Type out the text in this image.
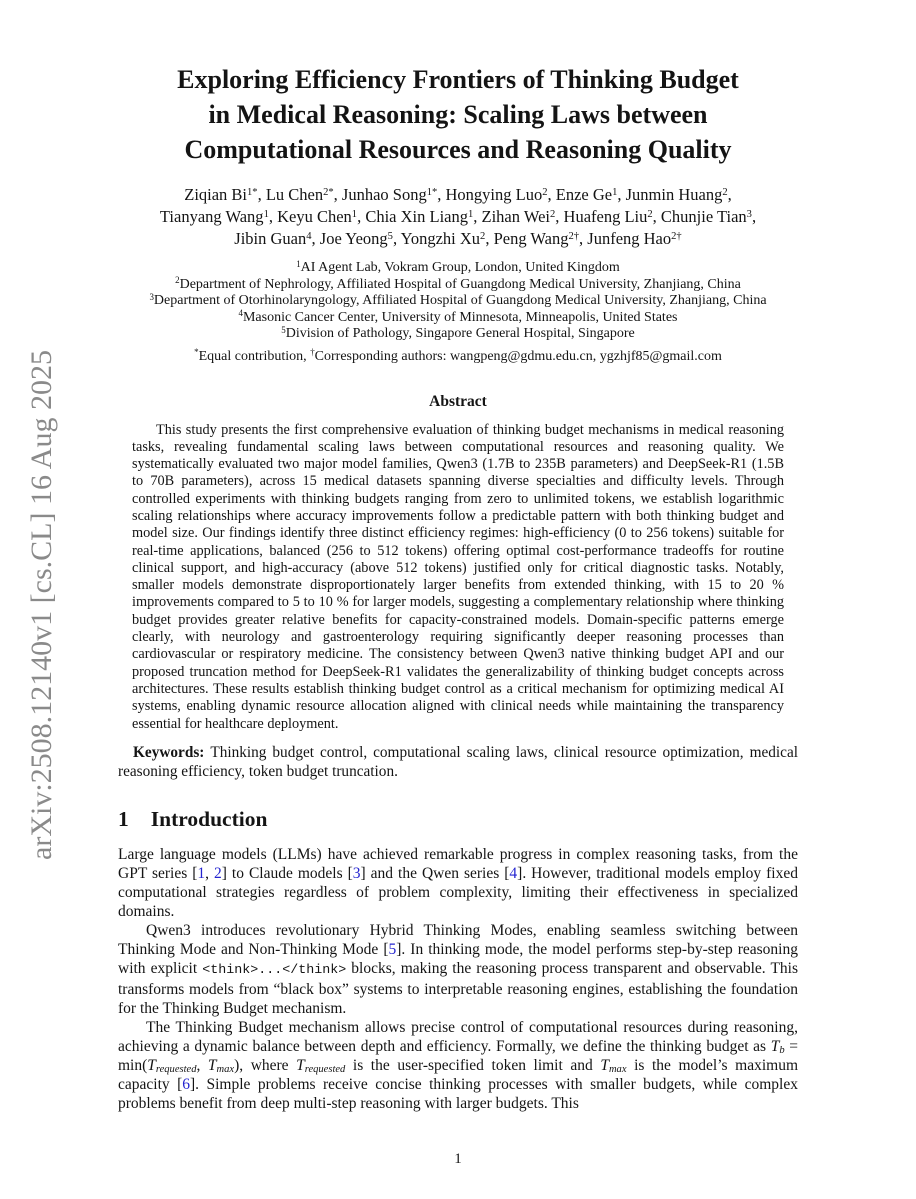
arXiv:2508.12140v1 [cs.CL] 16 Aug 2025
Exploring Efficiency Frontiers of Thinking Budget
in Medical Reasoning: Scaling Laws between
Computational Resources and Reasoning Quality
Ziqian $Bi^{1*}$, Lu Chen$^{2*}$, Junhao Song$^{1*}$, Hongying Luo$^2$, Enze Ge$^1$, Junmin Huang$^2$,
Tianyang Wang$^1$, Keyu Chen$^1$, Chia Xin Liang$^1$, Zihan Wei$^2$, Huafeng Liu$^2$, Chunjie Tian$^3$,
Jibin Guan$^4$, Joe Yeong$^5$, Yongzhi Xu$^2$, Peng Wang$^{2\dagger}$, Junfeng Hao$^{2\dagger}$
$^1$AI Agent Lab, Vokram Group, London, United Kingdom
$^2$Department of Nephrology, Affiliated Hospital of Guangdong Medical University, Zhanjiang, China
$^3$Department of Otorhinolaryngology, Affiliated Hospital of Guangdong Medical University, Zhanjiang, China
$^4$Masonic Cancer Center, University of Minnesota, Minneapolis, United States
$^5$Division of Pathology, Singapore General Hospital, Singapore
*Equal contribution, †Corresponding authors: wangpeng@gdmu.edu.cn, ygzhjf85@gmail.com
Abstract
This study presents the first comprehensive evaluation of thinking budget mechanisms in medical reasoning tasks, revealing fundamental scaling laws between computational resources and reasoning quality. We systematically evaluated two major model families, Qwen3 (1.7B to 235B parameters) and DeepSeek-R1 (1.5B to 70B parameters), across 15 medical datasets spanning diverse specialties and difficulty levels. Through controlled experiments with thinking budgets ranging from zero to unlimited tokens, we establish logarithmic scaling relationships where accuracy improvements follow a predictable pattern with both thinking budget and model size. Our findings identify three distinct efficiency regimes: high-efficiency (0 to 256 tokens) suitable for real-time applications, balanced (256 to 512 tokens) offering optimal cost-performance tradeoffs for routine clinical support, and high-accuracy (above 512 tokens) justified only for critical diagnostic tasks. Notably, smaller models demonstrate disproportionately larger benefits from extended thinking, with 15 to 20 % improvements compared to 5 to 10 % for larger models, suggesting a complementary relationship where thinking budget provides greater relative benefits for capacity-constrained models. Domain-specific patterns emerge clearly, with neurology and gastroenterology requiring significantly deeper reasoning processes than cardiovascular or respiratory medicine. The consistency between Qwen3 native thinking budget API and our proposed truncation method for DeepSeek-R1 validates the generalizability of thinking budget concepts across architectures. These results establish thinking budget control as a critical mechanism for optimizing medical AI systems, enabling dynamic resource allocation aligned with clinical needs while maintaining the transparency essential for healthcare deployment.
Keywords: Thinking budget control, computational scaling laws, clinical resource optimization, medical reasoning efficiency, token budget truncation.
1 Introduction

Large language models (LLMs) have achieved remarkable progress in complex reasoning tasks, from the GPT series [1, 2] to Claude models [3] and the Qwen series [4]. However, traditional models employ fixed computational strategies regardless of problem complexity, limiting their effectiveness in specialized domains.

Qwen3 introduces revolutionary Hybrid Thinking Modes, enabling seamless switching between Thinking Mode and Non-Thinking Mode [5]. In thinking mode, the model performs step-by-step reasoning with explicit <think>...</think> blocks, making the reasoning process transparent and observable. This transforms models from “black box” systems to interpretable reasoning engines, establishing the foundation for the Thinking Budget mechanism.

The Thinking Budget mechanism allows precise control of computational resources during reasoning, achieving a dynamic balance between depth and efficiency. Formally, we define the thinking budget as $T_b = \min(T_{requested}$, $T_{max}$), where $T_{requested}$ is the user-specified token limit and $T_{max}$ is the model’s maximum capacity [6]. Simple problems receive concise thinking processes with smaller budgets, while complex problems benefit from deep multi-step reasoning with larger budgets. This

1
